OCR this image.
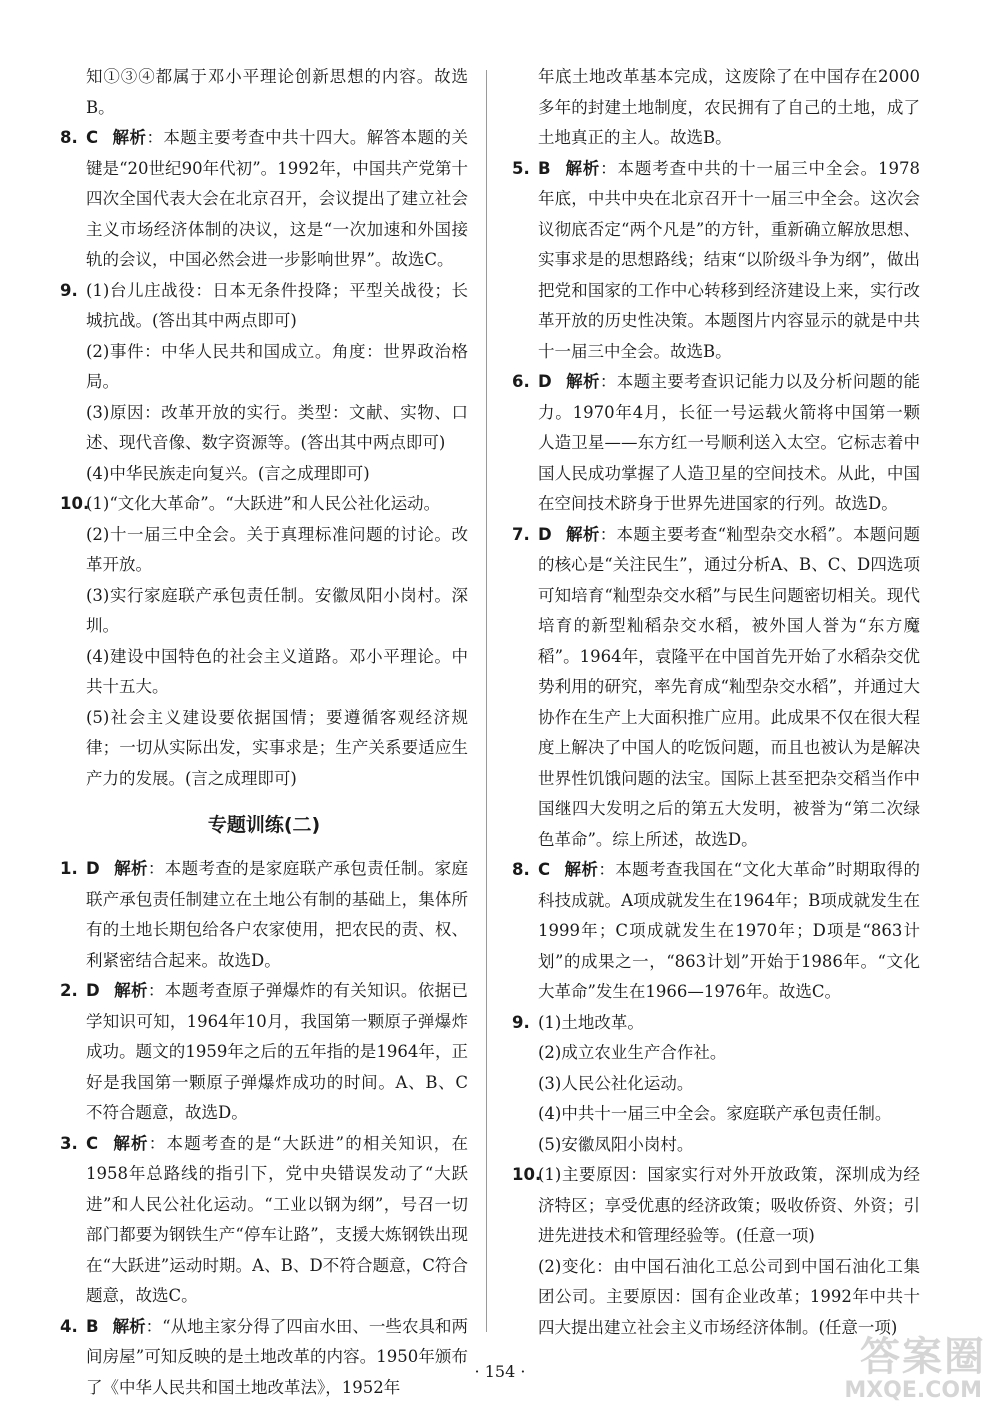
知①③④都属于邓小平理论创新思想的内容。故选B。

8. C 解析：本题主要考查中共十四大。解答本题的关键是“20世纪90年代初”。1992年，中国共产党第十四次全国代表大会在北京召开，会议提出了建立社会主义市场经济体制的决议，这是“一次加速和外国接轨的会议，中国必然会进一步影响世界”。故选C。

9. (1)台儿庄战役：日本无条件投降；平型关战役；长城抗战。(答出其中两点即可)

(2)事件：中华人民共和国成立。角度：世界政治格局。

(3)原因：改革开放的实行。类型：文献、实物、口述、现代音像、数字资源等。(答出其中两点即可)

(4)中华民族走向复兴。(言之成理即可)

10.
(1)“文化大革命”。“大跃进”和人民公社化运动。

(2)十一届三中全会。关于真理标准问题的讨论。改革开放。

(3)实行家庭联产承包责任制。安徽凤阳小岗村。深圳。

(4)建设中国特色的社会主义道路。邓小平理论。中共十五大。

(5)社会主义建设要依据国情；要遵循客观经济规律；一切从实际出发，实事求是；生产关系要适应生产力的发展。(言之成理即可)

专题训练(二)

1. D 解析：本题考查的是家庭联产承包责任制。家庭联产承包责任制建立在土地公有制的基础上，集体所有的土地长期包给各户农家使用，把农民的责、权、利紧密结合起来。故选D。

2. D 解析：本题考查原子弹爆炸的有关知识。依据已学知识可知，1964年10月，我国第一颗原子弹爆炸成功。题文的1959年之后的五年指的是1964年，正好是我国第一颗原子弹爆炸成功的时间。A、B、C不符合题意，故选D。

3. C 解析：本题考查的是“大跃进”的相关知识，在1958年总路线的指引下，党中央错误发动了“大跃进”和人民公社化运动。“工业以钢为纲”，号召一切部门都要为钢铁生产“停车让路”，支援大炼钢铁出现在“大跃进”运动时期。A、B、D不符合题意，C符合题意，故选C。

4. B 解析：“从地主家分得了四亩水田、一些农具和两间房屋”可知反映的是土地改革的内容。1950年颁布了《中华人民共和国土地改革法》，1952年

年底土地改革基本完成，这废除了在中国存在2000多年的封建土地制度，农民拥有了自己的土地，成了土地真正的主人。故选B。

5. B 解析：本题考查中共的十一届三中全会。1978年底，中共中央在北京召开十一届三中全会。这次会议彻底否定“两个凡是”的方针，重新确立解放思想、实事求是的思想路线；结束“以阶级斗争为纲”，做出把党和国家的工作中心转移到经济建设上来，实行改革开放的历史性决策。本题图片内容显示的就是中共十一届三中全会。故选B。

6. D 解析：本题主要考查识记能力以及分析问题的能力。1970年4月，长征一号运载火箭将中国第一颗人造卫星——东方红一号顺利送入太空。它标志着中国人民成功掌握了人造卫星的空间技术。从此，中国在空间技术跻身于世界先进国家的行列。故选D。

7. D 解析：本题主要考查“籼型杂交水稻”。本题问题的核心是“关注民生”，通过分析A、B、C、D四选项可知培育“籼型杂交水稻”与民生问题密切相关。现代培育的新型籼稻杂交水稻，被外国人誉为“东方魔稻”。1964年，袁隆平在中国首先开始了水稻杂交优势利用的研究，率先育成“籼型杂交水稻”，并通过大协作在生产上大面积推广应用。此成果不仅在很大程度上解决了中国人的吃饭问题，而且也被认为是解决世界性饥饿问题的法宝。国际上甚至把杂交稻当作中国继四大发明之后的第五大发明，被誉为“第二次绿色革命”。综上所述，故选D。

8. C 解析：本题考查我国在“文化大革命”时期取得的科技成就。A项成就发生在1964年；B项成就发生在1999年；C项成就发生在1970年；D项是“863计划”的成果之一，“863计划”开始于1986年。“文化大革命”发生在1966—1976年。故选C。

9. (1)土地改革。

(2)成立农业生产合作社。

(3)人民公社化运动。

(4)中共十一届三中全会。家庭联产承包责任制。

(5)安徽凤阳小岗村。

10.
(1)主要原因：国家实行对外开放政策，深圳成为经济特区；享受优惠的经济政策；吸收侨资、外资；引进先进技术和管理经验等。(任意一项)

(2)变化：由中国石油化工总公司到中国石油化工集团公司。主要原因：国有企业改革；1992年中共十四大提出建立社会主义市场经济体制。(任意一项)

· 154 ·	答案圈
MXQE.COM
